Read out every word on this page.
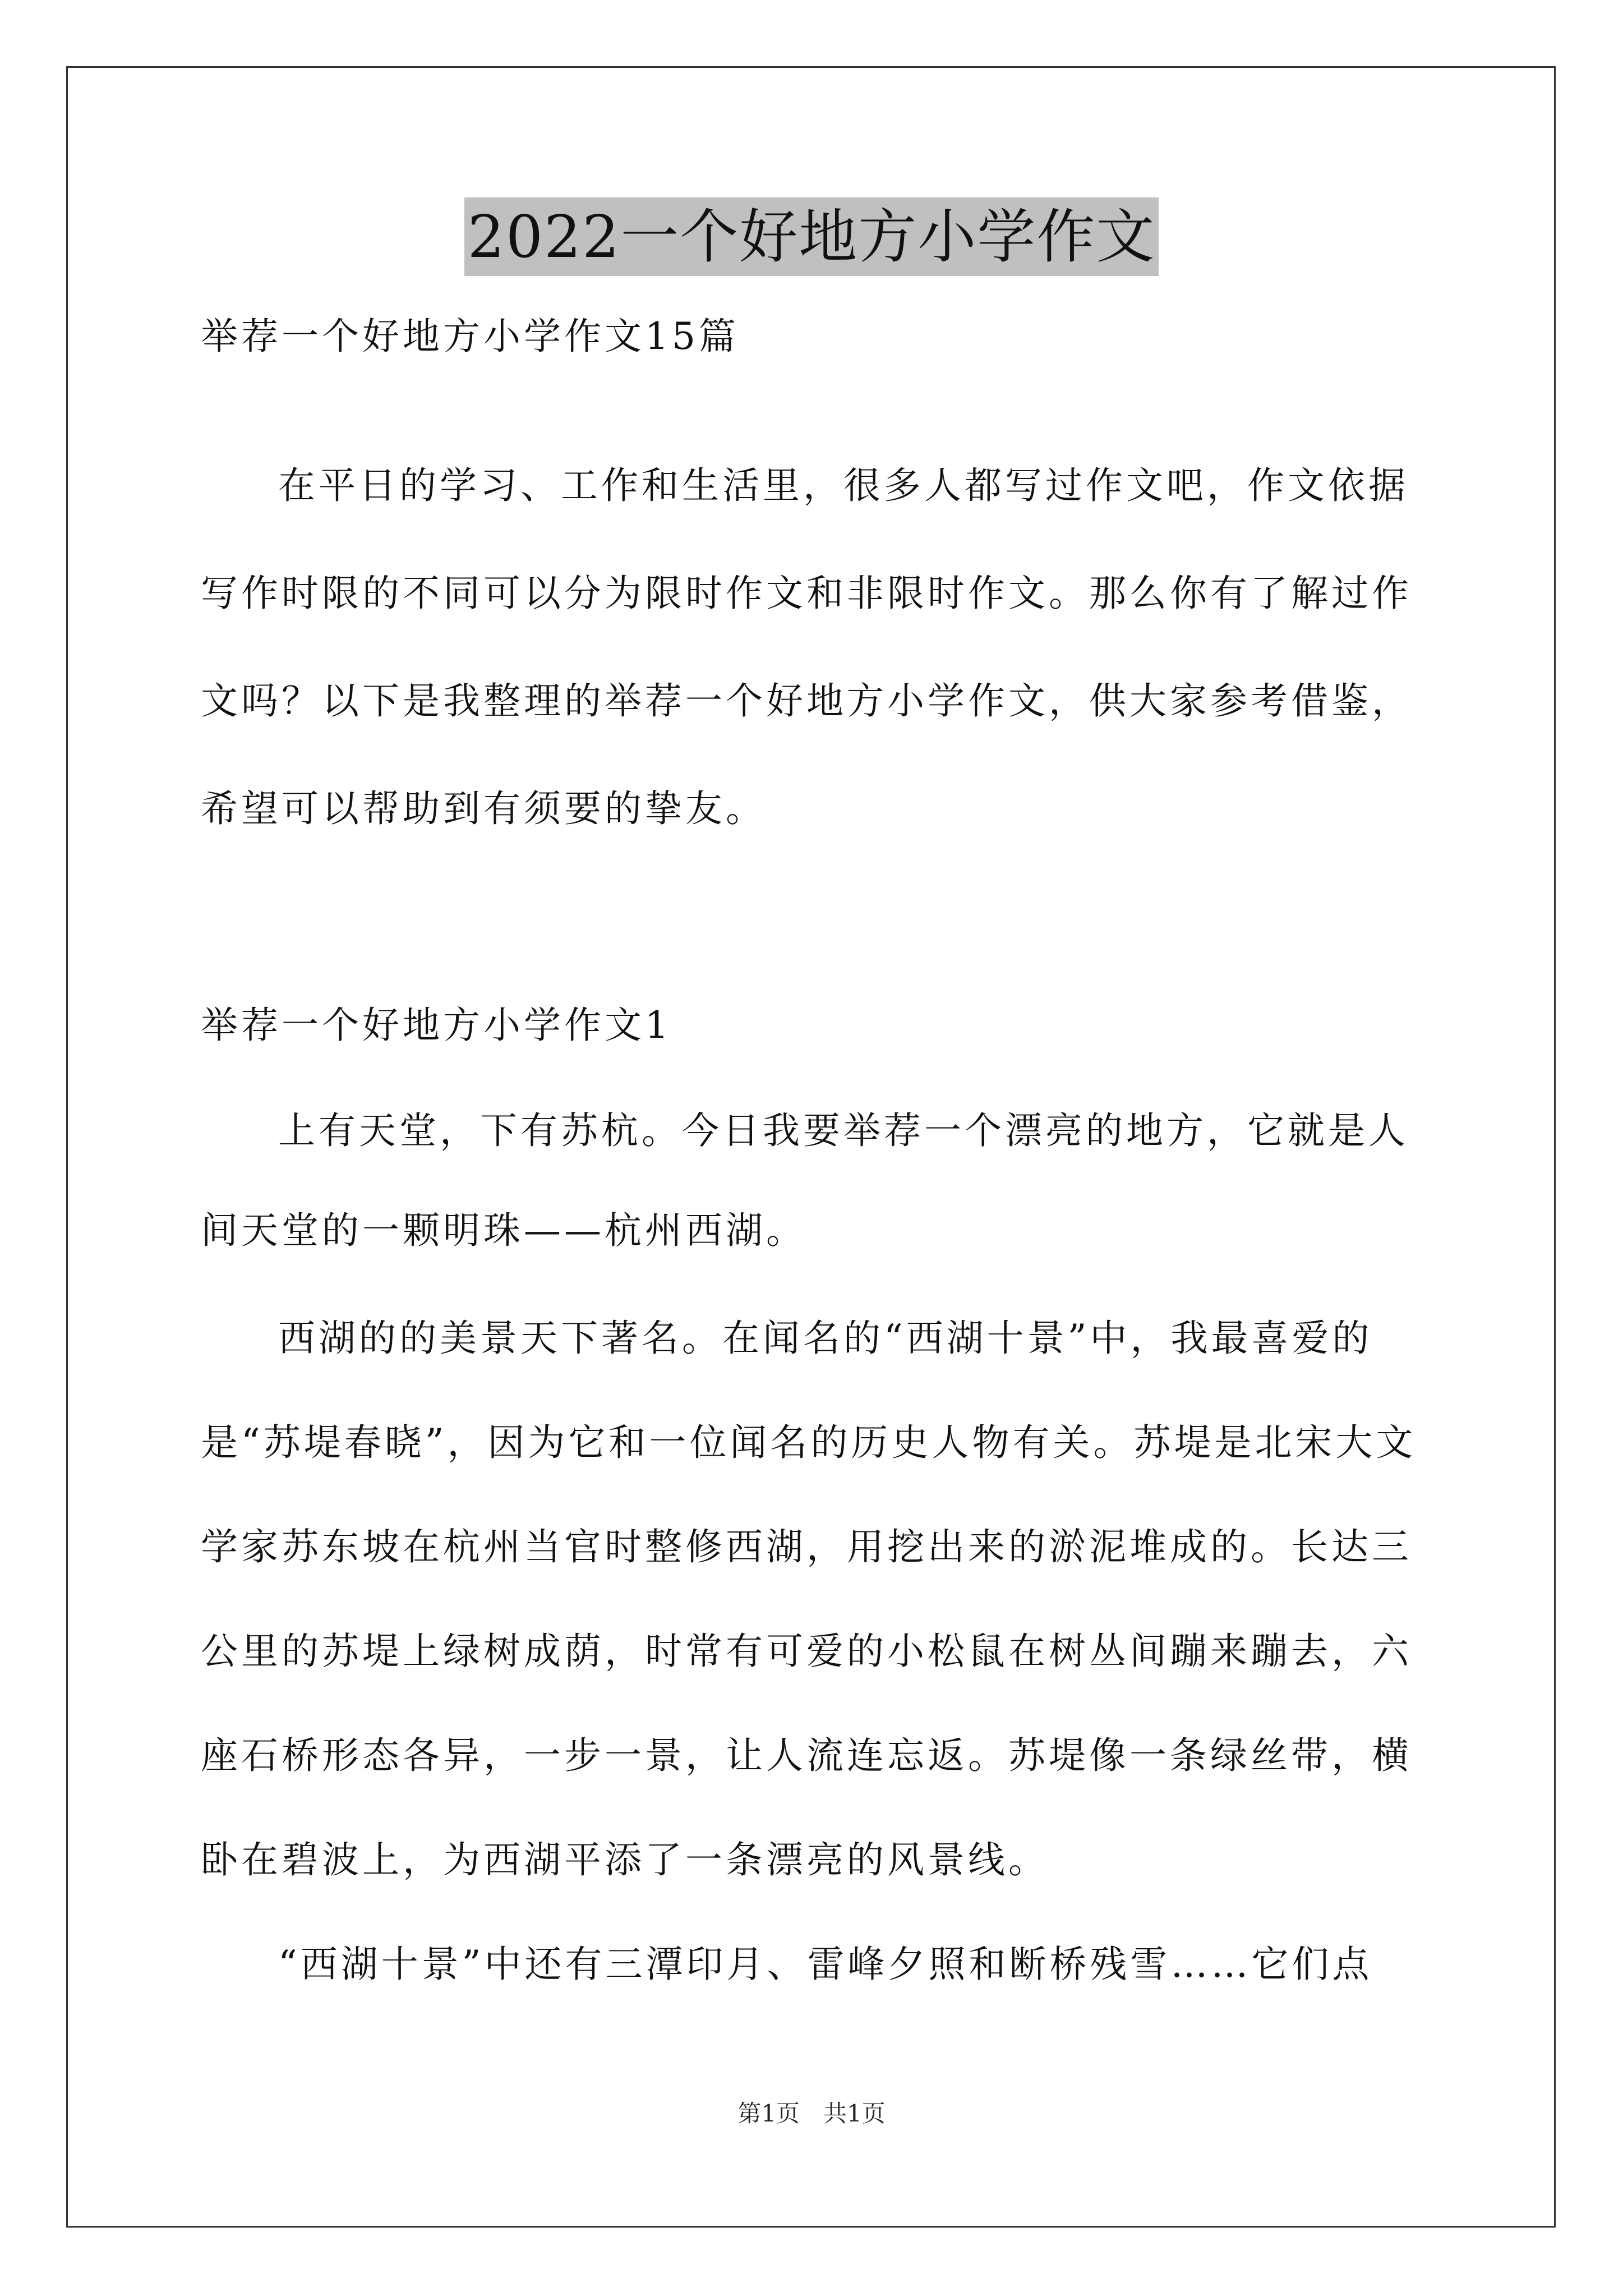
2022一个好地方小学作文
举荐一个好地方小学作文15篇
在平日的学习、工作和生活里，很多人都写过作文吧，作文依据
写作时限的不同可以分为限时作文和非限时作文。那么你有了解过作
文吗？以下是我整理的举荐一个好地方小学作文，供大家参考借鉴，
希望可以帮助到有须要的挚友。
举荐一个好地方小学作文1
上有天堂，下有苏杭。今日我要举荐一个漂亮的地方，它就是人
间天堂的一颗明珠——杭州西湖。
西湖的的美景天下著名。在闻名的“西湖十景”中，我最喜爱的
是“苏堤春晓”，因为它和一位闻名的历史人物有关。苏堤是北宋大文
学家苏东坡在杭州当官时整修西湖，用挖出来的淤泥堆成的。长达三
公里的苏堤上绿树成荫，时常有可爱的小松鼠在树丛间蹦来蹦去，六
座石桥形态各异，一步一景，让人流连忘返。苏堤像一条绿丝带，横
卧在碧波上，为西湖平添了一条漂亮的风景线。
“西湖十景”中还有三潭印月、雷峰夕照和断桥残雪……它们点
第1页　共1页
